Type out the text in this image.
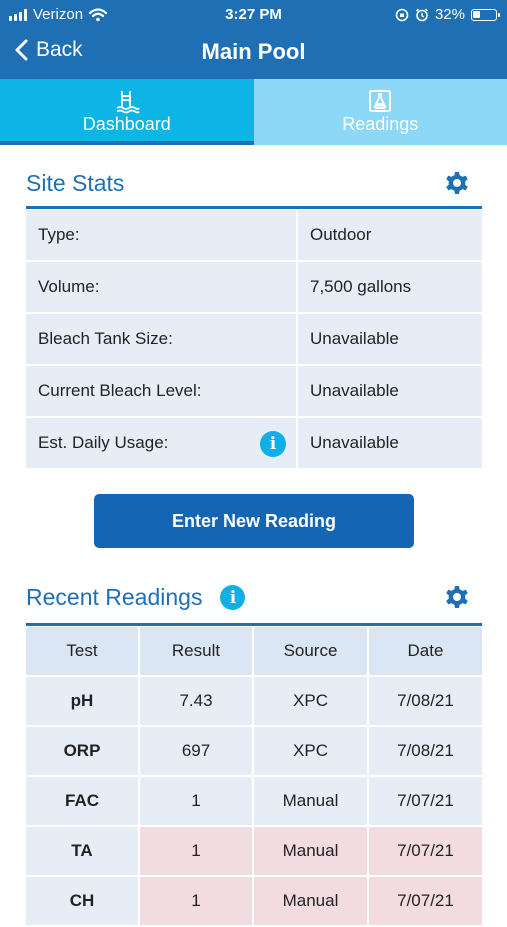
Verizon	3:27 PM	32%
Back	Main Pool
Dashboard	Readings
Site Stats
Type:	Outdoor
Volume:	7,500 gallons
Bleach Tank Size:	Unavailable
Current Bleach Level:	Unavailable
Est. Daily Usage:	i	Unavailable
Enter New Reading
Recent Readings	i
Test	Result	Source	Date
pH	7.43	XPC	7/08/21
ORP	697	XPC	7/08/21
FAC	1	Manual	7/07/21
TA	1	Manual	7/07/21
CH	1	Manual	7/07/21
